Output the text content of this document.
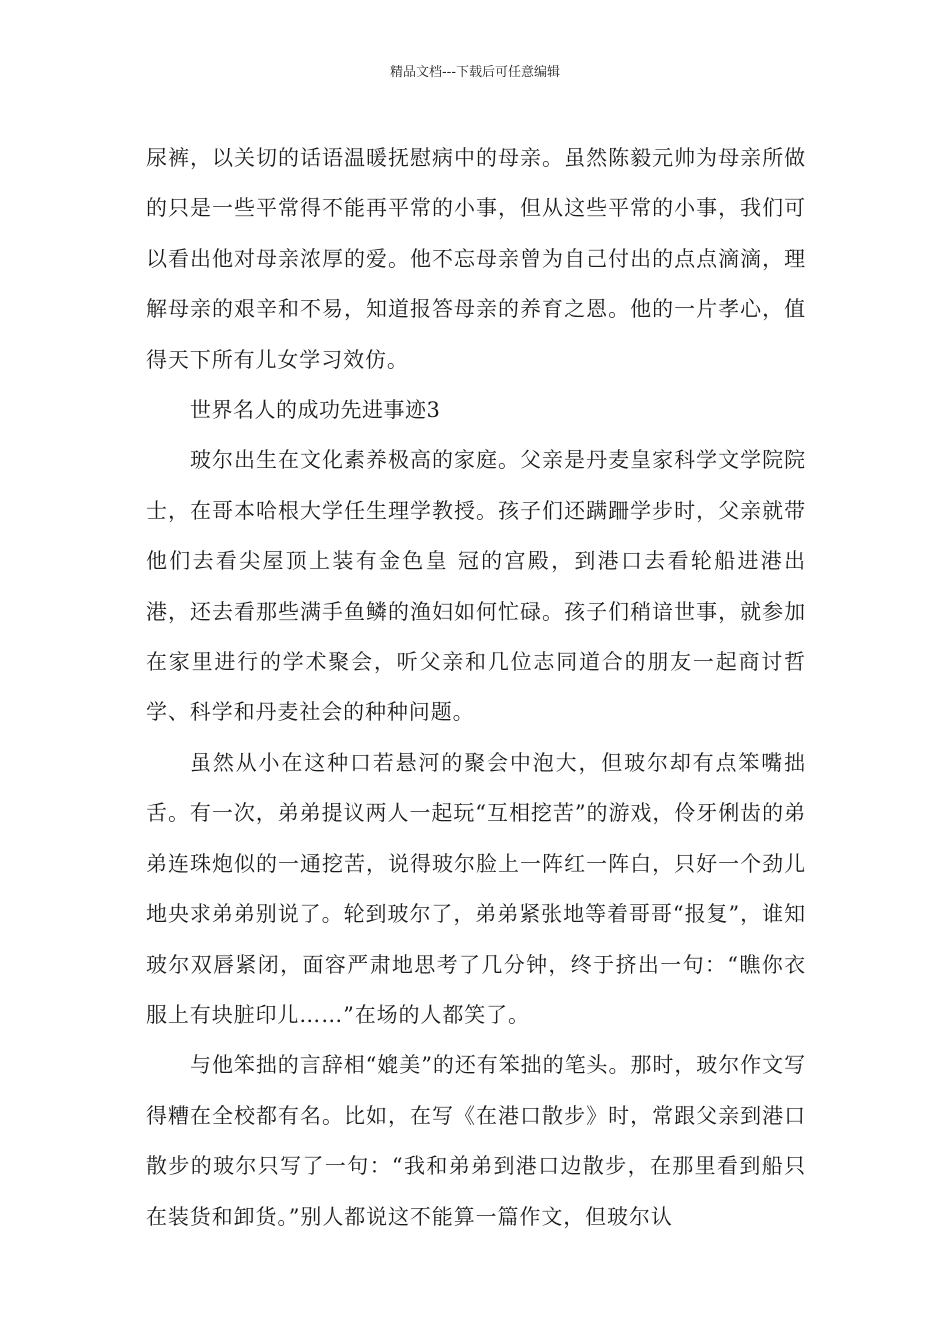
精品文档---下载后可任意编辑

尿裤，以关切的话语温暖抚慰病中的母亲。虽然陈毅元帅为母亲所做的只是一些平常得不能再平常的小事，但从这些平常的小事，我们可以看出他对母亲浓厚的爱。他不忘母亲曾为自己付出的点点滴滴，理解母亲的艰辛和不易，知道报答母亲的养育之恩。他的一片孝心，值得天下所有儿女学习效仿。

世界名人的成功先进事迹3

玻尔出生在文化素养极高的家庭。父亲是丹麦皇家科学文学院院士，在哥本哈根大学任生理学教授。孩子们还蹒跚学步时，父亲就带他们去看尖屋顶上装有金色皇 冠的宫殿，到港口去看轮船进港出港，还去看那些满手鱼鳞的渔妇如何忙碌。孩子们稍谙世事，就参加在家里进行的学术聚会，听父亲和几位志同道合的朋友一起商讨哲学、科学和丹麦社会的种种问题。

虽然从小在这种口若悬河的聚会中泡大，但玻尔却有点笨嘴拙舌。有一次，弟弟提议两人一起玩“互相挖苦”的游戏，伶牙俐齿的弟弟连珠炮似的一通挖苦，说得玻尔脸上一阵红一阵白，只好一个劲儿地央求弟弟别说了。轮到玻尔了，弟弟紧张地等着哥哥“报复”，谁知玻尔双唇紧闭，面容严肃地思考了几分钟，终于挤出一句：“瞧你衣服上有块脏印儿……”在场的人都笑了。

与他笨拙的言辞相“媲美”的还有笨拙的笔头。那时，玻尔作文写得糟在全校都有名。比如，在写《在港口散步》时，常跟父亲到港口散步的玻尔只写了一句：“我和弟弟到港口边散步，在那里看到船只在装货和卸货。”别人都说这不能算一篇作文，但玻尔认
